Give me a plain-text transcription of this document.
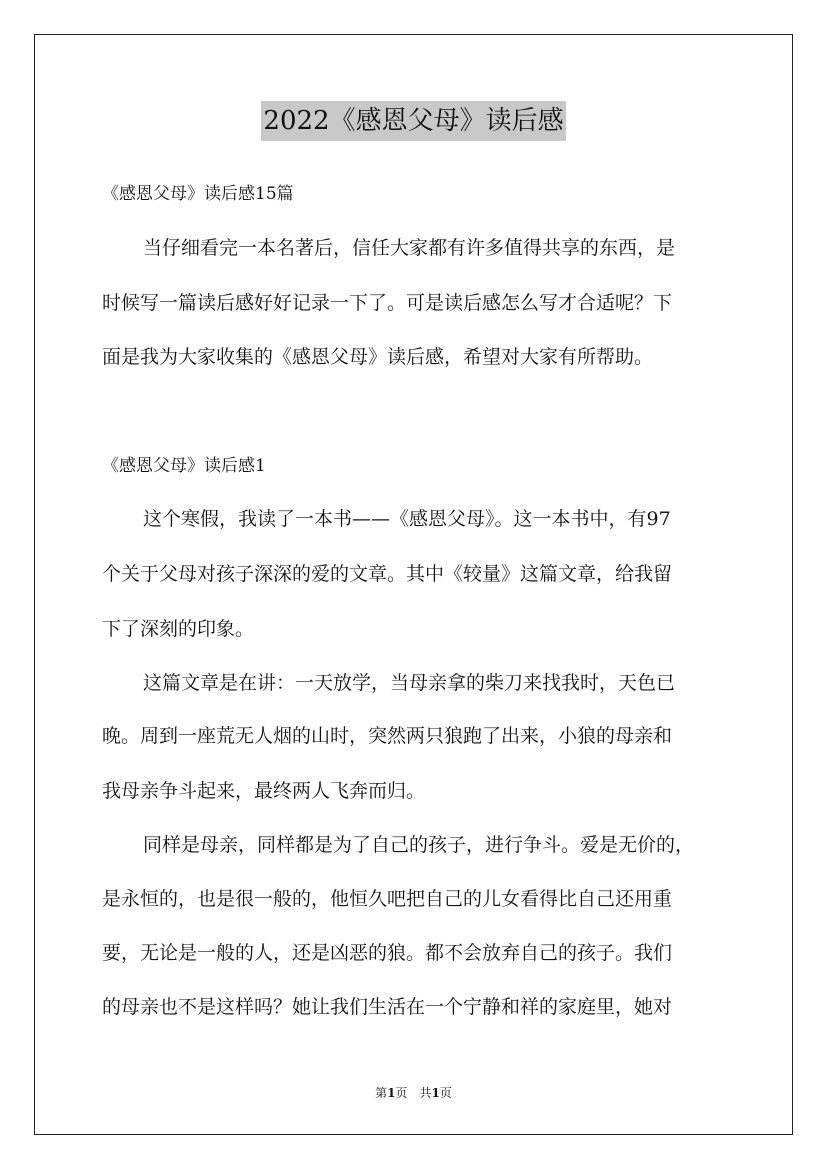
2022《感恩父母》读后感
《感恩父母》读后感15篇
当仔细看完一本名著后，信任大家都有许多值得共享的东西，是
时候写一篇读后感好好记录一下了。可是读后感怎么写才合适呢？下
面是我为大家收集的《感恩父母》读后感，希望对大家有所帮助。
《感恩父母》读后感1
这个寒假，我读了一本书——《感恩父母》。这一本书中，有97
个关于父母对孩子深深的爱的文章。其中《较量》这篇文章，给我留
下了深刻的印象。
这篇文章是在讲：一天放学，当母亲拿的柴刀来找我时，天色已
晚。周到一座荒无人烟的山时，突然两只狼跑了出来，小狼的母亲和
我母亲争斗起来，最终两人飞奔而归。
同样是母亲，同样都是为了自己的孩子，进行争斗。爱是无价的，
是永恒的，也是很一般的，他恒久吧把自己的儿女看得比自己还用重
要，无论是一般的人，还是凶恶的狼。都不会放弃自己的孩子。我们
的母亲也不是这样吗？她让我们生活在一个宁静和祥的家庭里，她对
第1页　共1页
